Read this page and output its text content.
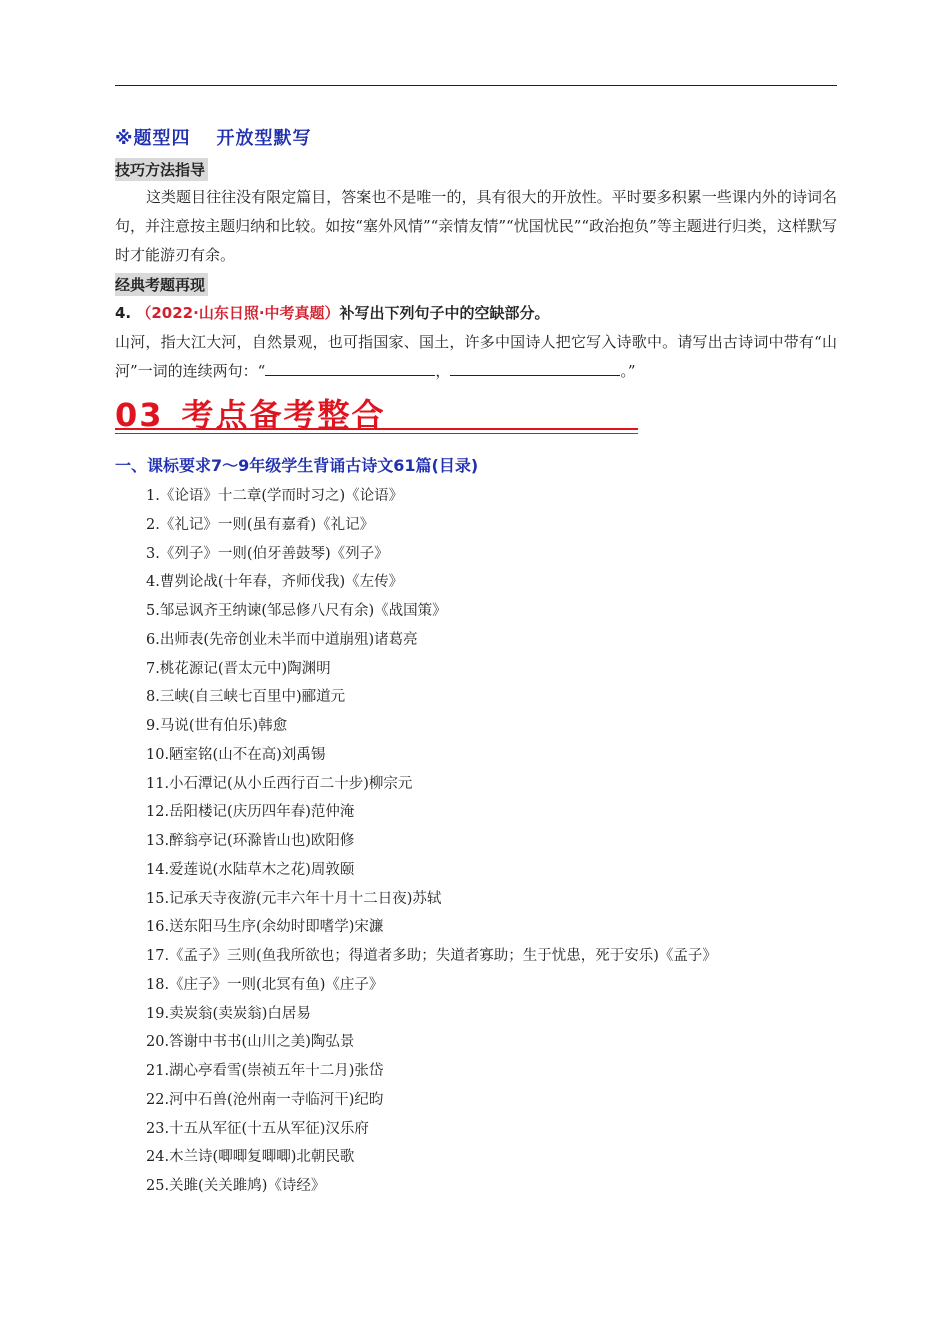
※题型四 开放型默写
技巧方法指导

这类题目往往没有限定篇目，答案也不是唯一的，具有很大的开放性。平时要多积累一些课内外的诗词名句，并注意按主题归纳和比较。如按“塞外风情”“亲情友情”“忧国忧民”“政治抱负”等主题进行归类，这样默写时才能游刃有余。

经典考题再现
4. （2022·山东日照·中考真题）补写出下列句子中的空缺部分。

山河，指大江大河，自然景观，也可指国家、国土，许多中国诗人把它写入诗歌中。请写出古诗词中带有“山河”一词的连续两句：“	，	。”

03 考点备考整合
一、课标要求7～9年级学生背诵古诗文61篇(目录)
1.《论语》十二章(学而时习之)《论语》
2.《礼记》一则(虽有嘉肴)《礼记》
3.《列子》一则(伯牙善鼓琴)《列子》
4.曹刿论战(十年春，齐师伐我)《左传》
5.邹忌讽齐王纳谏(邹忌修八尺有余)《战国策》
6.出师表(先帝创业未半而中道崩殂)诸葛亮
7.桃花源记(晋太元中)陶渊明
8.三峡(自三峡七百里中)郦道元
9.马说(世有伯乐)韩愈
10.陋室铭(山不在高)刘禹锡
11.小石潭记(从小丘西行百二十步)柳宗元
12.岳阳楼记(庆历四年春)范仲淹
13.醉翁亭记(环滁皆山也)欧阳修
14.爱莲说(水陆草木之花)周敦颐
15.记承天寺夜游(元丰六年十月十二日夜)苏轼
16.送东阳马生序(余幼时即嗜学)宋濂
17.《孟子》三则(鱼我所欲也；得道者多助；失道者寡助；生于忧患，死于安乐)《孟子》
18.《庄子》一则(北冥有鱼)《庄子》
19.卖炭翁(卖炭翁)白居易
20.答谢中书书(山川之美)陶弘景
21.湖心亭看雪(崇祯五年十二月)张岱
22.河中石兽(沧州南一寺临河干)纪昀
23.十五从军征(十五从军征)汉乐府
24.木兰诗(唧唧复唧唧)北朝民歌
25.关雎(关关雎鸠)《诗经》
